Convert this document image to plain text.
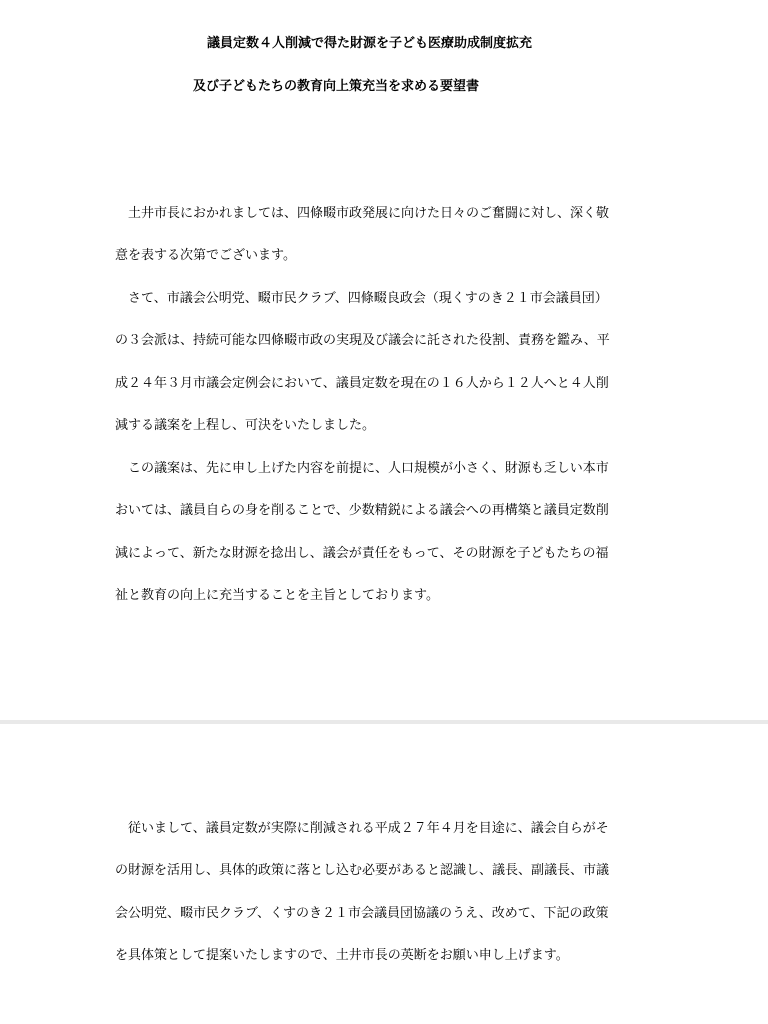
議員定数４人削減で得た財源を子ども医療助成制度拡充

及び子どもたちの教育向上策充当を求める要望書

　土井市長におかれましては、四條畷市政発展に向けた日々のご奮闘に対し、深く敬

意を表する次第でございます。

　さて、市議会公明党、畷市民クラブ、四條畷良政会（現くすのき２１市会議員団）

の３会派は、持続可能な四條畷市政の実現及び議会に託された役割、責務を鑑み、平

成２４年３月市議会定例会において、議員定数を現在の１６人から１２人へと４人削

減する議案を上程し、可決をいたしました。

　この議案は、先に申し上げた内容を前提に、人口規模が小さく、財源も乏しい本市

おいては、議員自らの身を削ることで、少数精鋭による議会への再構築と議員定数削

減によって、新たな財源を捻出し、議会が責任をもって、その財源を子どもたちの福

祉と教育の向上に充当することを主旨としております。

　従いまして、議員定数が実際に削減される平成２７年４月を目途に、議会自らがそ

の財源を活用し、具体的政策に落とし込む必要があると認識し、議長、副議長、市議

会公明党、畷市民クラブ、くすのき２１市会議員団協議のうえ、改めて、下記の政策

を具体策として提案いたしますので、土井市長の英断をお願い申し上げます。
